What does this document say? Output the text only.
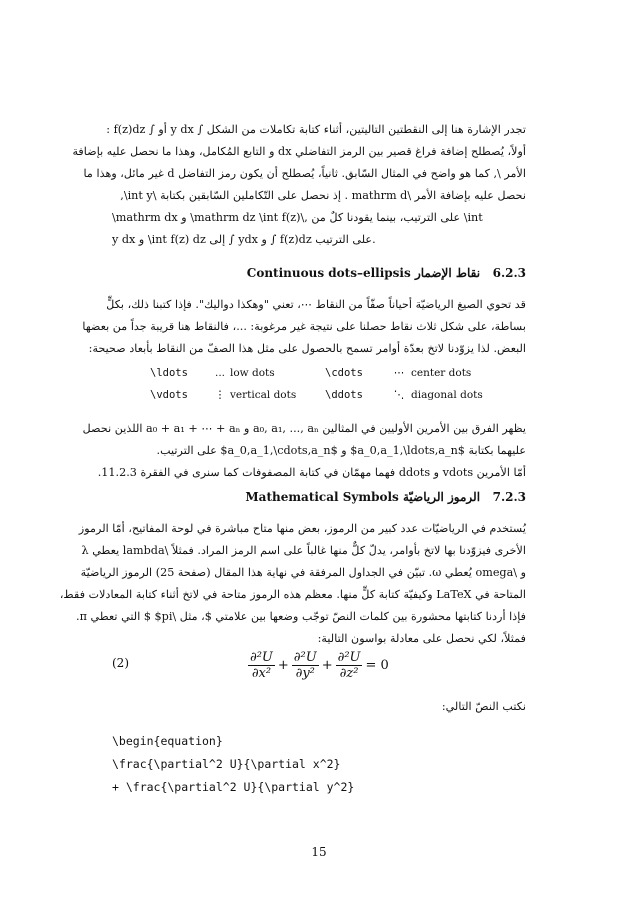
تجدر الإشارة هنا إلى النقطتين التاليتين، أثناء كتابة تكاملات من الشكل ∫ y dx أو ∫ f(z)dz :
أولاً، يُصطلح إضافة فراغ قصير بين الرمز التفاضلي dx و التابع المُكامل، وهذا ما نحصل عليه بإضافة
الأمر \, كما هو واضح في المثال السّابق. ثانياً، يُصطلح أن يكون رمز التفاضل d غير مائل، وهذا ما
نحصل عليه بإضافة الأمر \mathrm d . إذ نحصل على التّكاملين السّابقين بكتابة \int y\,
\mathrm dx و \mathrm dz \int f(z)\, على الترتيب، بينما يقودنا كلٌ من \int
y dx و \int f(z) dz إلى ∫ ydx و ∫ f(z)dz على الترتيب.
6.2.3   نقاط الإضمار Continuous dots–ellipsis
قد تحوي الصيغ الرياضيّة أحياناً صفّاً من النقاط ⋯، تعني "وهكذا دواليك". فإذا كتبنا ذلك، بكلٍّ
بساطة، على شكل ثلاث نقاط حصلنا على نتيجة غير مرغوبة: ...، فالنقاط هنا قريبة جداً من بعضها
البعض. لذا يزوّدنا لاتخ بعدّة أوامر تسمح بالحصول على مثل هذا الصفّ من النقاط بأبعاد صحيحة:
\ldots	... low dots	\cdots	⋯ center dots
\vdots	⋮ vertical dots	\ddots	⋱ diagonal dots
يظهر الفرق بين الأمرين الأوليين في المثالين a₀, a₁, ..., aₙ و a₀ + a₁ + ⋯ + aₙ اللذين نحصل
عليهما بكتابة $a_0,a_1,\ldots,a_n$ و $a_0,a_1,\cdots,a_n$ على الترتيب.
أمّا الأمرين vdots و ddots فهما مهمّان في كتابة المصفوفات كما سنرى في الفقرة 11.2.3.
7.2.3   الرموز الرياضيّة Mathematical Symbols
يُستخدم في الرياضيّات عدد كبير من الرموز، بعض منها متاح مباشرة في لوحة المفاتيح، أمّا الرموز
الأخرى فيزوّدنا بها لاتخ بأوامر، يدلّ كلٌّ منها غالباً على اسم الرمز المراد. فمثلاً \lambda يعطي λ
و \omega يُعطي ω. تبيّن في الجداول المرفقة في نهاية هذا المقال (صفحة 25) الرموز الرياضيّة
المتاحة في LaTeX وكيفيّة كتابة كلٍّ منها. معظم هذه الرموز متاحة في لاتخ أثناء كتابة المعادلات فقط،
فإذا أردنا كتابتها محشورة بين كلمات النصّ توجّب وضعها بين علامتي $، مثل \pi$ $ التي تعطي π.
فمثلاً، لكي نحصل على معادلة بواسون التالية:
$\frac{\text{∂²U}}{\text{∂x²}} + \frac{\text{∂²U}}{\text{∂y²}} + \frac{\text{∂²U}}{\text{∂z²}} = 0$
(2)
نكتب النصّ التالي:
\begin{equation}
\frac{\partial^2 U}{\partial x^2}
+ \frac{\partial^2 U}{\partial y^2}
15
